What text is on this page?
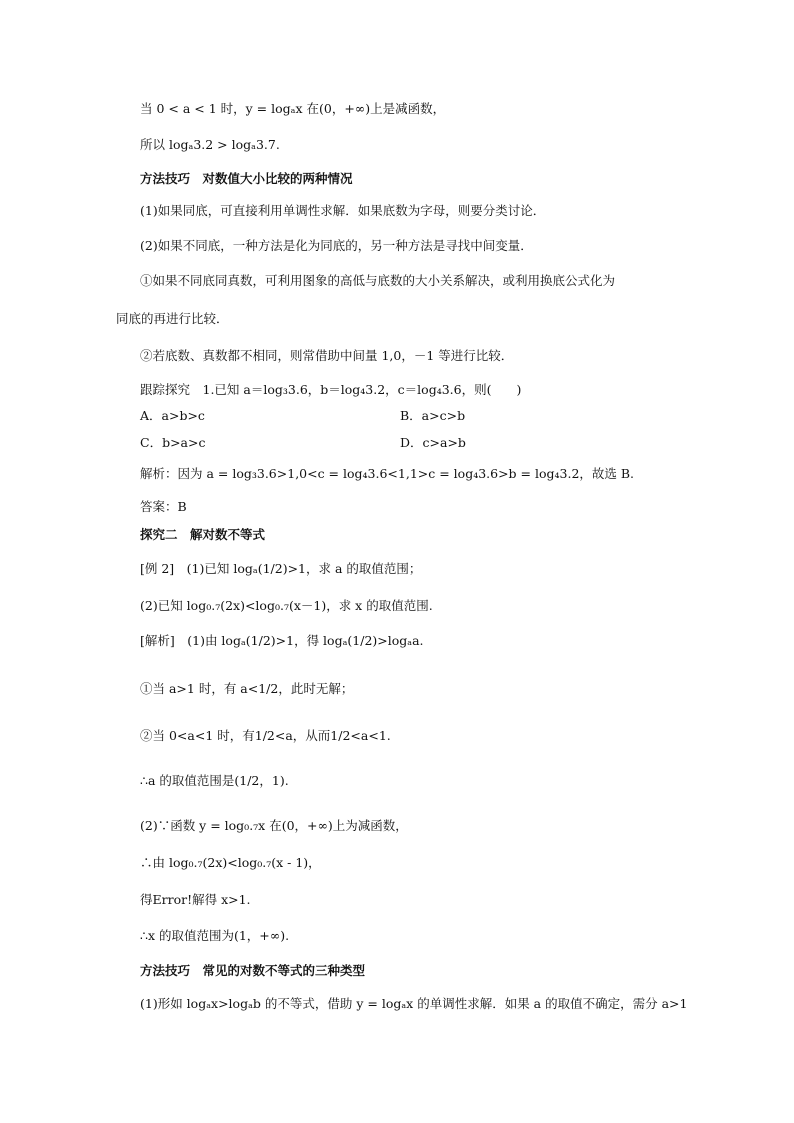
当 0 < a < 1 时，y = logₐx 在(0，+∞)上是减函数，
所以 logₐ3.2 > logₐ3.7.
方法技巧　对数值大小比较的两种情况
(1)如果同底，可直接利用单调性求解．如果底数为字母，则要分类讨论．
(2)如果不同底，一种方法是化为同底的，另一种方法是寻找中间变量．
①如果不同底同真数，可利用图象的高低与底数的大小关系解决，或利用换底公式化为
同底的再进行比较．
②若底数、真数都不相同，则常借助中间量 1,0，－1 等进行比较．
跟踪探究　1.已知 a＝log₃3.6，b＝log₄3.2，c＝log₄3.6，则(　　)
A．a>b>c	B．a>c>b
C．b>a>c	D．c>a>b
解析：因为 a = log₃3.6>1,0<c = log₄3.6<1,1>c = log₄3.6>b = log₄3.2，故选 B.
答案：B
探究二　解对数不等式
[例 2]　(1)已知 logₐ(1/2)>1，求 a 的取值范围；
(2)已知 log₀.₇(2x)<log₀.₇(x－1)，求 x 的取值范围.
[解析]　(1)由 logₐ(1/2)>1，得 logₐ(1/2)>logₐa.
①当 a>1 时，有 a<1/2，此时无解；
②当 0<a<1 时，有1/2<a，从而1/2<a<1.
∴a 的取值范围是(1/2，1).
(2)∵函数 y = log₀.₇x 在(0，+∞)上为减函数，
∴由 log₀.₇(2x)<log₀.₇(x - 1)，
得Error!解得 x>1.
∴x 的取值范围为(1，+∞).
方法技巧　常见的对数不等式的三种类型
(1)形如 logₐx>logₐb 的不等式，借助 y = logₐx 的单调性求解．如果 a 的取值不确定，需分 a>1
